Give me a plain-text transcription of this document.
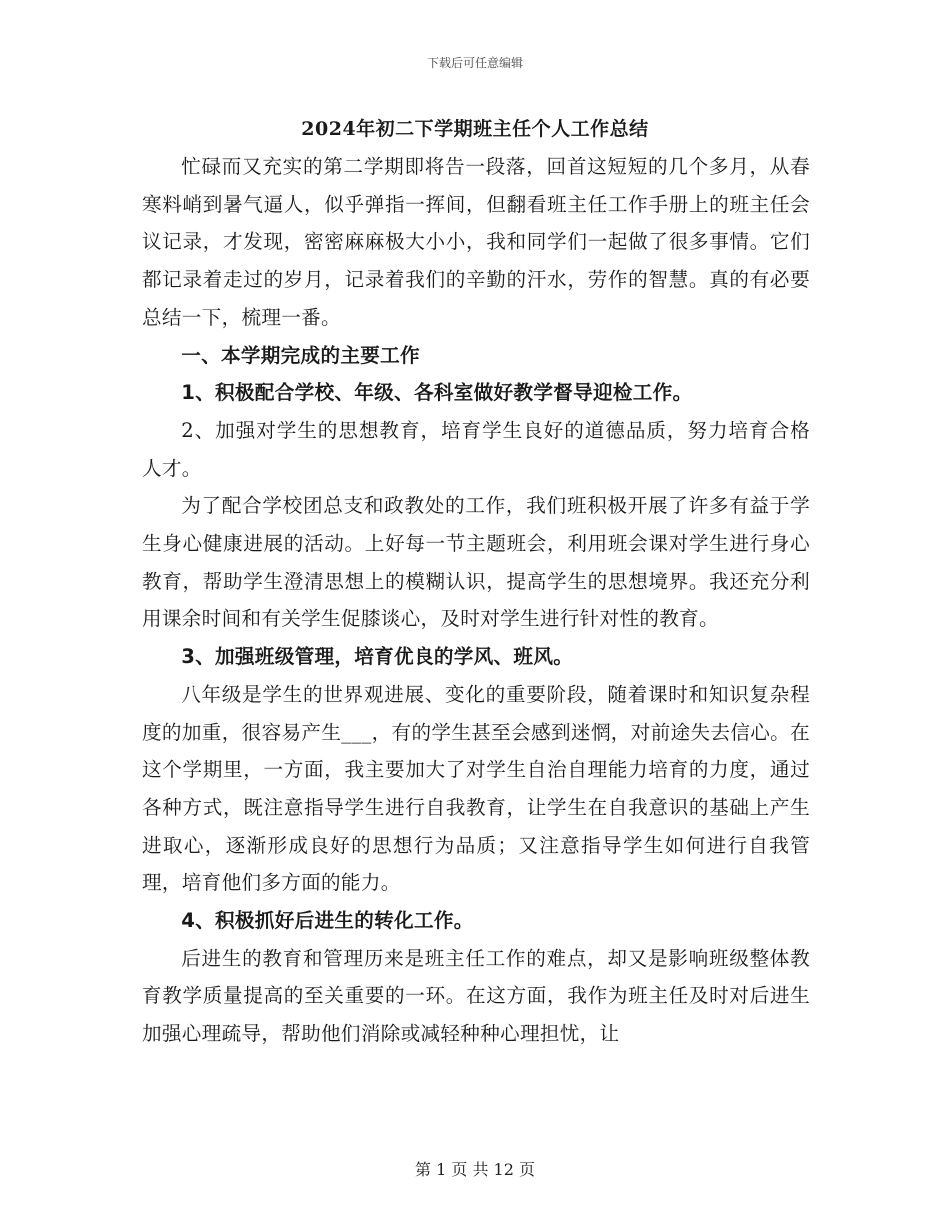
下载后可任意编辑
2024年初二下学期班主任个人工作总结

忙碌而又充实的第二学期即将告一段落，回首这短短的几个多月，从春寒料峭到暑气逼人，似乎弹指一挥间，但翻看班主任工作手册上的班主任会议记录，才发现，密密麻麻极大小小，我和同学们一起做了很多事情。它们都记录着走过的岁月，记录着我们的辛勤的汗水，劳作的智慧。真的有必要总结一下，梳理一番。

一、本学期完成的主要工作

1、积极配合学校、年级、各科室做好教学督导迎检工作。

2、加强对学生的思想教育，培育学生良好的道德品质，努力培育合格人才。

为了配合学校团总支和政教处的工作，我们班积极开展了许多有益于学生身心健康进展的活动。上好每一节主题班会，利用班会课对学生进行身心教育，帮助学生澄清思想上的模糊认识，提高学生的思想境界。我还充分利用课余时间和有关学生促膝谈心，及时对学生进行针对性的教育。

3、加强班级管理，培育优良的学风、班风。

八年级是学生的世界观进展、变化的重要阶段，随着课时和知识复杂程度的加重，很容易产生___，有的学生甚至会感到迷惘，对前途失去信心。在这个学期里，一方面，我主要加大了对学生自治自理能力培育的力度，通过各种方式，既注意指导学生进行自我教育，让学生在自我意识的基础上产生进取心，逐渐形成良好的思想行为品质；又注意指导学生如何进行自我管理，培育他们多方面的能力。

4、积极抓好后进生的转化工作。

后进生的教育和管理历来是班主任工作的难点，却又是影响班级整体教育教学质量提高的至关重要的一环。在这方面，我作为班主任及时对后进生加强心理疏导，帮助他们消除或减轻种种心理担忧，让

第 1 页 共 12 页
